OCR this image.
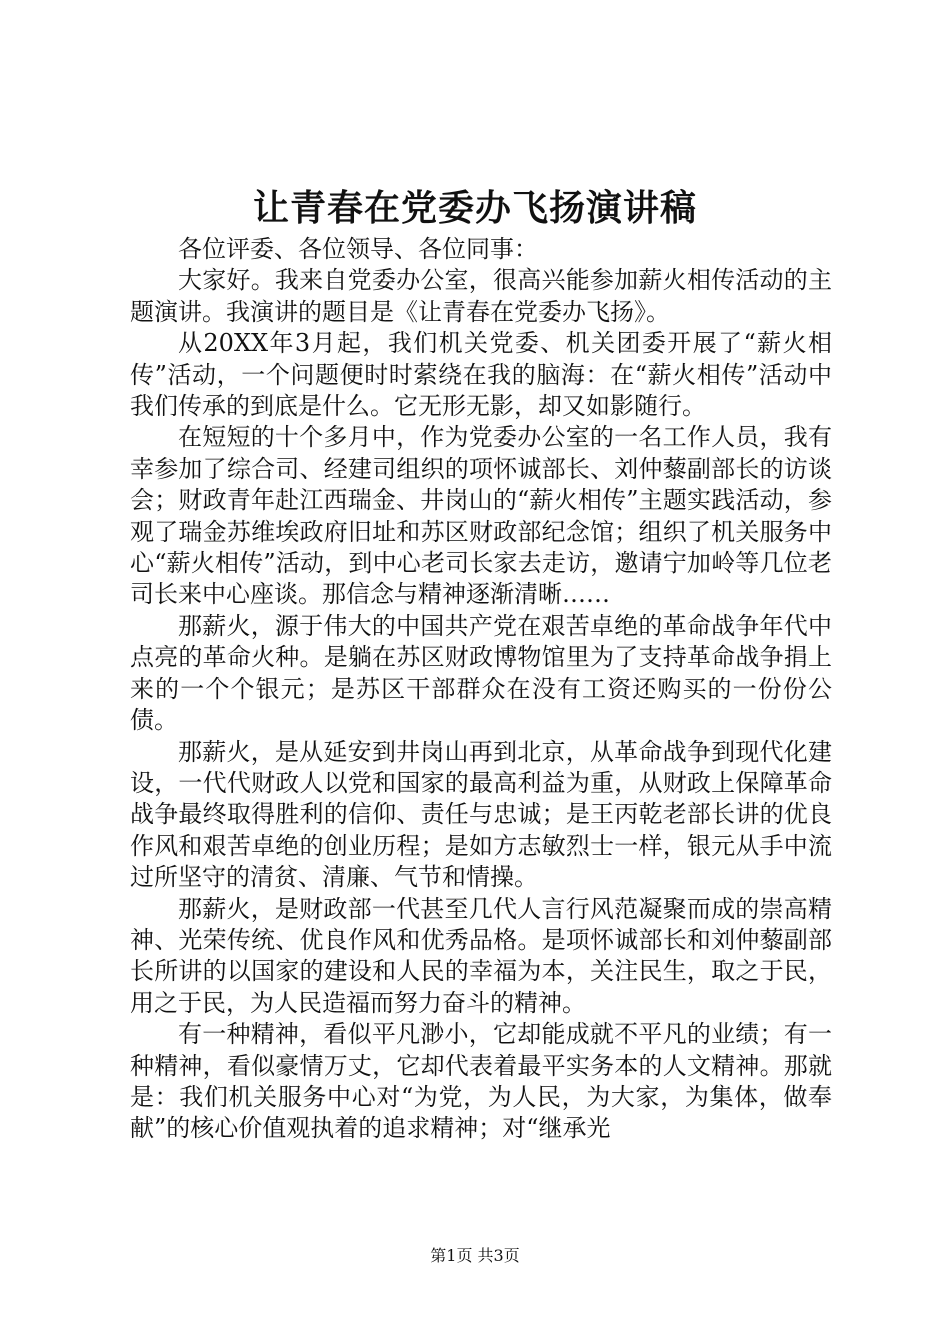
让青春在党委办飞扬演讲稿

各位评委、各位领导、各位同事：

大家好。我来自党委办公室，很高兴能参加薪火相传活动的主题演讲。我演讲的题目是《让青春在党委办飞扬》。

从20XX年3月起，我们机关党委、机关团委开展了“薪火相传”活动，一个问题便时时萦绕在我的脑海：在“薪火相传”活动中我们传承的到底是什么。它无形无影，却又如影随行。

在短短的十个多月中，作为党委办公室的一名工作人员，我有幸参加了综合司、经建司组织的项怀诚部长、刘仲藜副部长的访谈会；财政青年赴江西瑞金、井岗山的“薪火相传”主题实践活动，参观了瑞金苏维埃政府旧址和苏区财政部纪念馆；组织了机关服务中心“薪火相传”活动，到中心老司长家去走访，邀请宁加岭等几位老司长来中心座谈。那信念与精神逐渐清晰……

那薪火，源于伟大的中国共产党在艰苦卓绝的革命战争年代中点亮的革命火种。是躺在苏区财政博物馆里为了支持革命战争捐上来的一个个银元；是苏区干部群众在没有工资还购买的一份份公债。

那薪火，是从延安到井岗山再到北京，从革命战争到现代化建设，一代代财政人以党和国家的最高利益为重，从财政上保障革命战争最终取得胜利的信仰、责任与忠诚；是王丙乾老部长讲的优良作风和艰苦卓绝的创业历程；是如方志敏烈士一样，银元从手中流过所坚守的清贫、清廉、气节和情操。

那薪火，是财政部一代甚至几代人言行风范凝聚而成的崇高精神、光荣传统、优良作风和优秀品格。是项怀诚部长和刘仲藜副部长所讲的以国家的建设和人民的幸福为本，关注民生，取之于民，用之于民，为人民造福而努力奋斗的精神。

有一种精神，看似平凡渺小，它却能成就不平凡的业绩；有一种精神，看似豪情万丈，它却代表着最平实务本的人文精神。那就是：我们机关服务中心对“为党，为人民，为大家，为集体，做奉献”的核心价值观执着的追求精神；对“继承光

第1页 共3页
